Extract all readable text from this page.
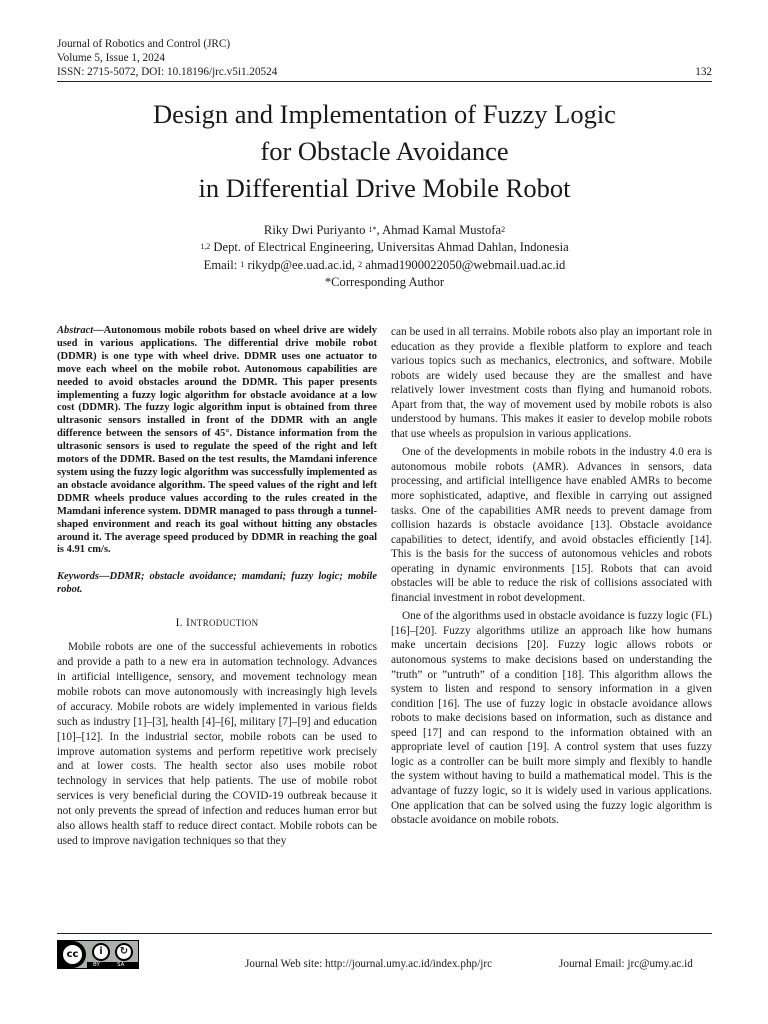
Journal of Robotics and Control (JRC)
Volume 5, Issue 1, 2024
ISSN: 2715-5072, DOI: 10.18196/jrc.v5i1.20524	132
Design and Implementation of Fuzzy Logic
for Obstacle Avoidance
in Differential Drive Mobile Robot
Riky Dwi Puriyanto $^{1*}$, Ahmad Kamal Mustofa$^2$
$^{1,2}$ Dept. of Electrical Engineering, Universitas Ahmad Dahlan, Indonesia
Email: $^1$ rikydp@ee.uad.ac.id, $^2$ ahmad1900022050@webmail.uad.ac.id
*Corresponding Author

Abstract—Autonomous mobile robots based on wheel drive are widely used in various applications. The differential drive mobile robot (DDMR) is one type with wheel drive. DDMR uses one actuator to move each wheel on the mobile robot. Autonomous capabilities are needed to avoid obstacles around the DDMR. This paper presents implementing a fuzzy logic algorithm for obstacle avoidance at a low cost (DDMR). The fuzzy logic algorithm input is obtained from three ultrasonic sensors installed in front of the DDMR with an angle difference between the sensors of 45°. Distance information from the ultrasonic sensors is used to regulate the speed of the right and left motors of the DDMR. Based on the test results, the Mamdani inference system using the fuzzy logic algorithm was successfully implemented as an obstacle avoidance algorithm. The speed values of the right and left DDMR wheels produce values according to the rules created in the Mamdani inference system. DDMR managed to pass through a tunnel-shaped environment and reach its goal without hitting any obstacles around it. The average speed produced by DDMR in reaching the goal is 4.91 cm/s.

Keywords—DDMR; obstacle avoidance; mamdani; fuzzy logic; mobile robot.

I. INTRODUCTION

Mobile robots are one of the successful achievements in robotics and provide a path to a new era in automation technology. Advances in artificial intelligence, sensory, and movement technology mean mobile robots can move autonomously with increasingly high levels of accuracy. Mobile robots are widely implemented in various fields such as industry [1]–[3], health [4]–[6], military [7]–[9] and education [10]–[12]. In the industrial sector, mobile robots can be used to improve automation systems and perform repetitive work precisely and at lower costs. The health sector also uses mobile robot technology in services that help patients. The use of mobile robot services is very beneficial during the COVID-19 outbreak because it not only prevents the spread of infection and reduces human error but also allows health staff to reduce direct contact. Mobile robots can be used to improve navigation techniques so that they

can be used in all terrains. Mobile robots also play an important role in education as they provide a flexible platform to explore and teach various topics such as mechanics, electronics, and software. Mobile robots are widely used because they are the smallest and have relatively lower investment costs than flying and humanoid robots. Apart from that, the way of movement used by mobile robots is also understood by humans. This makes it easier to develop mobile robots that use wheels as propulsion in various applications.

One of the developments in mobile robots in the industry 4.0 era is autonomous mobile robots (AMR). Advances in sensors, data processing, and artificial intelligence have enabled AMRs to become more sophisticated, adaptive, and flexible in carrying out assigned tasks. One of the capabilities AMR needs to prevent damage from collision hazards is obstacle avoidance [13]. Obstacle avoidance capabilities to detect, identify, and avoid obstacles efficiently [14]. This is the basis for the success of autonomous vehicles and robots operating in dynamic environments [15]. Robots that can avoid obstacles will be able to reduce the risk of collisions associated with financial investment in robot development.

One of the algorithms used in obstacle avoidance is fuzzy logic (FL) [16]–[20]. Fuzzy algorithms utilize an approach like how humans make uncertain decisions [20]. Fuzzy logic allows robots or autonomous systems to make decisions based on understanding the ”truth” or ”untruth” of a condition [18]. This algorithm allows the system to listen and respond to sensory information in a given condition [16]. The use of fuzzy logic in obstacle avoidance allows robots to make decisions based on information, such as distance and speed [17] and can respond to the information obtained with an appropriate level of caution [19]. A control system that uses fuzzy logic as a controller can be built more simply and flexibly to handle the system without having to build a mathematical model. This is the advantage of fuzzy logic, so it is widely used in various applications. One application that can be solved using the fuzzy logic algorithm is obstacle avoidance on mobile robots.

cc	i	↻
BY	SA	Journal Web site: http://journal.umy.ac.id/index.php/jrc	Journal Email: jrc@umy.ac.id
